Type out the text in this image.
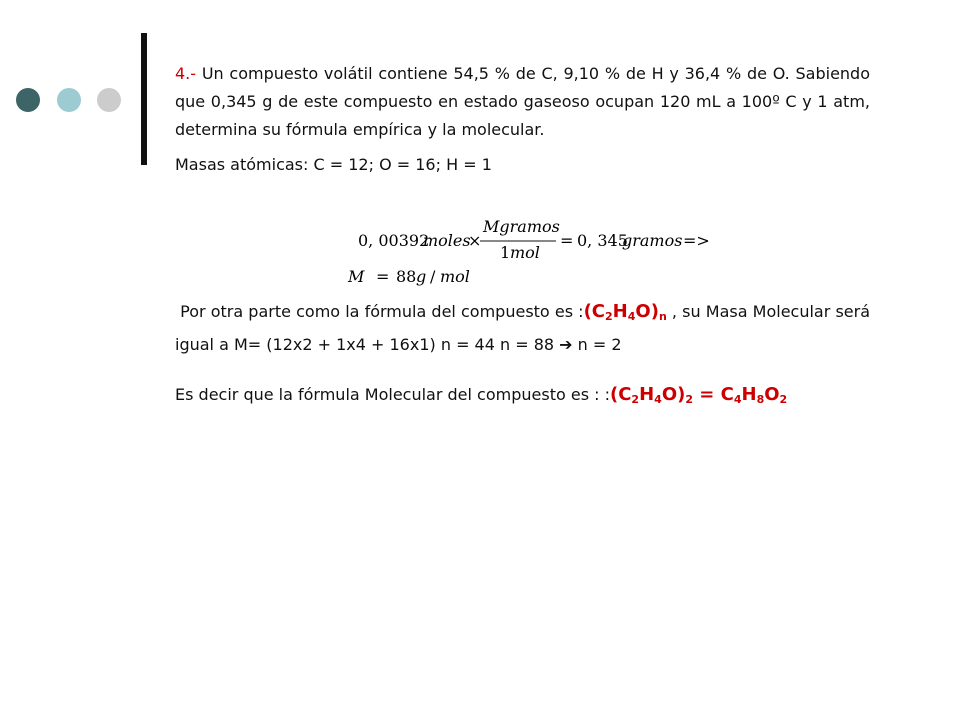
4.- Un compuesto volátil contiene 54,5 % de C, 9,10 % de H y 36,4 % de O. Sabiendo que 0,345 g de este compuesto en estado gaseoso ocupan 120 mL a 100º C y 1 atm, determina su fórmula empírica y la molecular.

Masas atómicas: C = 12; O = 16; H = 1

0, 00392
moles
×
Mgramos
1 mol
= 0, 345
gramos =>
M = 88 g / mol

Por otra parte como la fórmula del compuesto es $:(C_2H_4O)_n$ , su Masa Molecular será igual a M= (12x2 + 1x4 + 16x1) n = 44 n = 88 ➔ n = 2

Es decir que la fórmula Molecular del compuesto es : $:(C_2H_4O)_2 = C_4H_8O_2$
